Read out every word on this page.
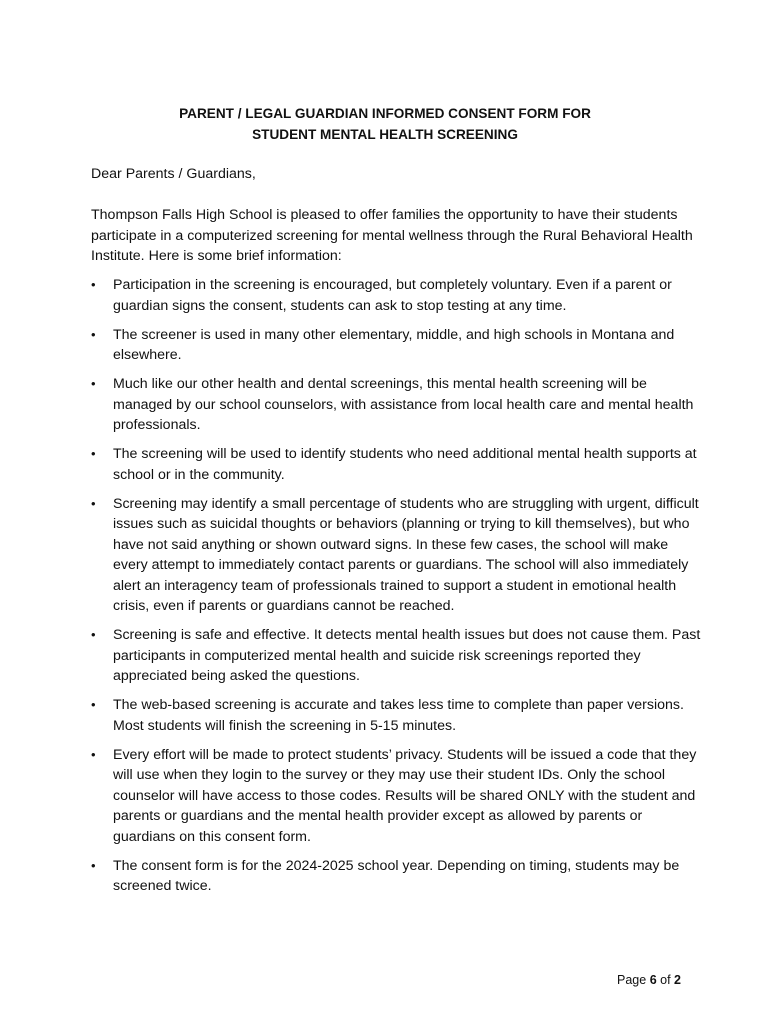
PARENT / LEGAL GUARDIAN INFORMED CONSENT FORM FOR
STUDENT MENTAL HEALTH SCREENING
Dear Parents / Guardians,
Thompson Falls High School is pleased to offer families the opportunity to have their students participate in a computerized screening for mental wellness through the Rural Behavioral Health Institute. Here is some brief information:
• Participation in the screening is encouraged, but completely voluntary. Even if a parent or guardian signs the consent, students can ask to stop testing at any time.
• The screener is used in many other elementary, middle, and high schools in Montana and elsewhere.
• Much like our other health and dental screenings, this mental health screening will be managed by our school counselors, with assistance from local health care and mental health professionals.
• The screening will be used to identify students who need additional mental health supports at school or in the community.
• Screening may identify a small percentage of students who are struggling with urgent, difficult issues such as suicidal thoughts or behaviors (planning or trying to kill themselves), but who have not said anything or shown outward signs. In these few cases, the school will make every attempt to immediately contact parents or guardians. The school will also immediately alert an interagency team of professionals trained to support a student in emotional health crisis, even if parents or guardians cannot be reached.
• Screening is safe and effective. It detects mental health issues but does not cause them. Past participants in computerized mental health and suicide risk screenings reported they appreciated being asked the questions.
• The web-based screening is accurate and takes less time to complete than paper versions. Most students will finish the screening in 5-15 minutes.
• Every effort will be made to protect students’ privacy. Students will be issued a code that they will use when they login to the survey or they may use their student IDs. Only the school counselor will have access to those codes. Results will be shared ONLY with the student and parents or guardians and the mental health provider except as allowed by parents or guardians on this consent form.
• The consent form is for the 2024-2025 school year. Depending on timing, students may be screened twice.
Page 6 of 2
